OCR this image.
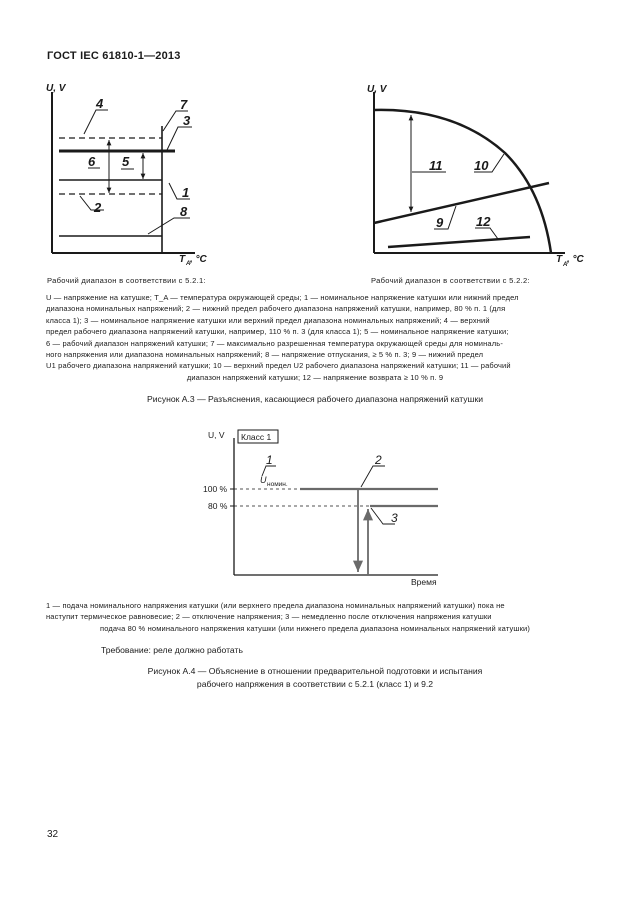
ГОСТ IEC 61810-1—2013
U, V
T A , °C
4	7
3
6 5
2
1
8
Рабочий диапазон в соответствии с 5.2.1:
U, V
T A , °C
11 10
9	12
Рабочий диапазон в соответствии с 5.2.2:
U — напряжение на катушке; T_A — температура окружающей среды; 1 — номинальное напряжение катушки или нижний предел
диапазона номинальных напряжений; 2 — нижний предел рабочего диапазона напряжений катушки, например, 80 % п. 1 (для
класса 1); 3 — номинальное напряжение катушки или верхний предел диапазона номинальных напряжений; 4 — верхний
предел рабочего диапазона напряжений катушки, например, 110 % п. 3 (для класса 1); 5 — номинальное напряжение катушки;
6 — рабочий диапазон напряжений катушки; 7 — максимально разрешенная температура окружающей среды для номиналь-
ного напряжения или диапазона номинальных напряжений; 8 — напряжение отпускания, ≥ 5 % п. 3; 9 — нижний предел
U1 рабочего диапазона напряжений катушки; 10 — верхний предел U2 рабочего диапазона напряжений катушки; 11 — рабочий
диапазон напряжений катушки; 12 — напряжение возврата ≥ 10 % п. 9
Рисунок А.3 — Разъяснения, касающиеся рабочего диапазона напряжений катушки
U, V Класс 1
Время
100 %
80 %
U номин.
1	2
3
1 — подача номинального напряжения катушки (или верхнего предела диапазона номинальных напряжений катушки) пока не
наступит термическое равновесие; 2 — отключение напряжения; 3 — немедленно после отключения напряжения катушки
подача 80 % номинального напряжения катушки (или нижнего предела диапазона номинальных напряжений катушки)
Требование: реле должно работать
Рисунок А.4 — Объяснение в отношении предварительной подготовки и испытания
рабочего напряжения в соответствии с 5.2.1 (класс 1) и 9.2
32
